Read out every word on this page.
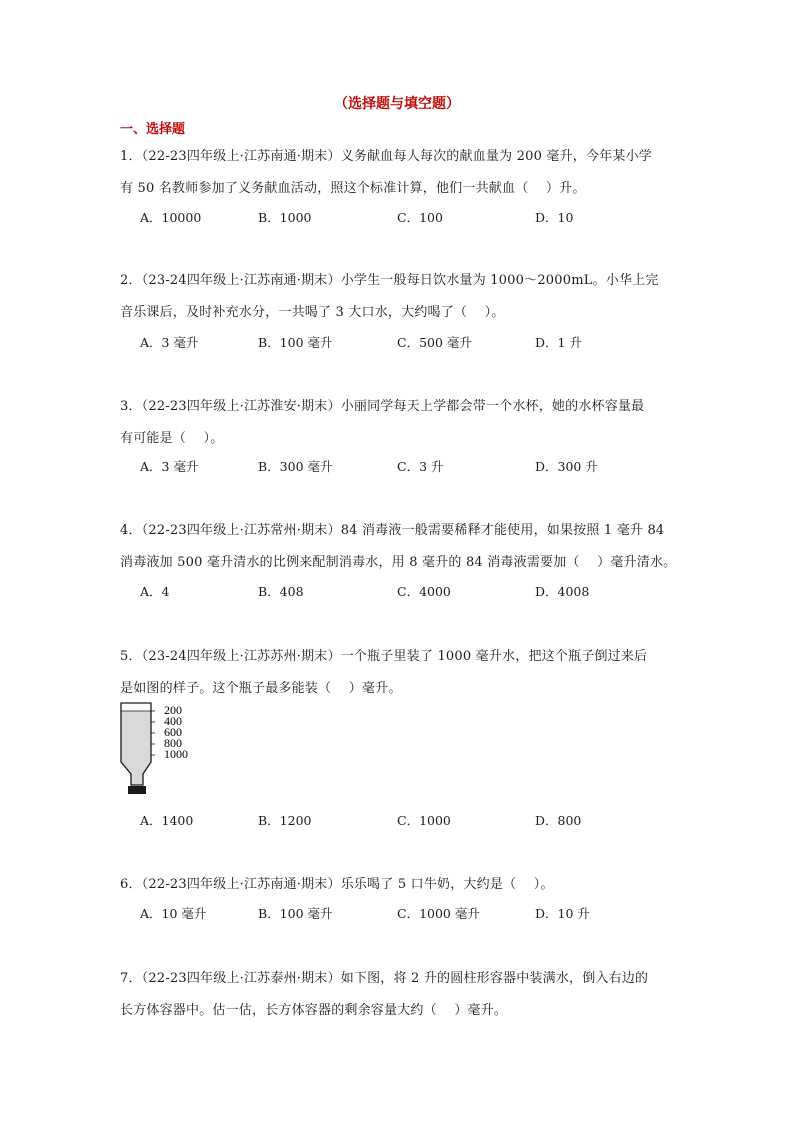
（选择题与填空题）
一、选择题
1．（22-23四年级上·江苏南通·期末）义务献血每人每次的献血量为 200 毫升，今年某小学
有 50 名教师参加了义务献血活动，照这个标准计算，他们一共献血（　 ）升。
A．10000	B．1000	C．100	D．10
2．（23-24四年级上·江苏南通·期末）小学生一般每日饮水量为 1000～2000mL。小华上完
音乐课后，及时补充水分，一共喝了 3 大口水，大约喝了（　 ）。
A．3 毫升	B．100 毫升	C．500 毫升	D．1 升
3．（22-23四年级上·江苏淮安·期末）小丽同学每天上学都会带一个水杯，她的水杯容量最
有可能是（　 ）。
A．3 毫升	B．300 毫升	C．3 升	D．300 升
4．（22-23四年级上·江苏常州·期末）84 消毒液一般需要稀释才能使用，如果按照 1 毫升 84
消毒液加 500 毫升清水的比例来配制消毒水，用 8 毫升的 84 消毒液需要加（　 ）毫升清水。
A．4	B．408	C．4000	D．4008
5．（23-24四年级上·江苏苏州·期末）一个瓶子里装了 1000 毫升水，把这个瓶子倒过来后
是如图的样子。这个瓶子最多能装（　 ）毫升。
200
400
600
800
1000
A．1400	B．1200	C．1000	D．800
6．（22-23四年级上·江苏南通·期末）乐乐喝了 5 口牛奶，大约是（　 ）。
A．10 毫升	B．100 毫升	C．1000 毫升	D．10 升
7．（22-23四年级上·江苏泰州·期末）如下图，将 2 升的圆柱形容器中装满水，倒入右边的
长方体容器中。估一估，长方体容器的剩余容量大约（　 ）毫升。
